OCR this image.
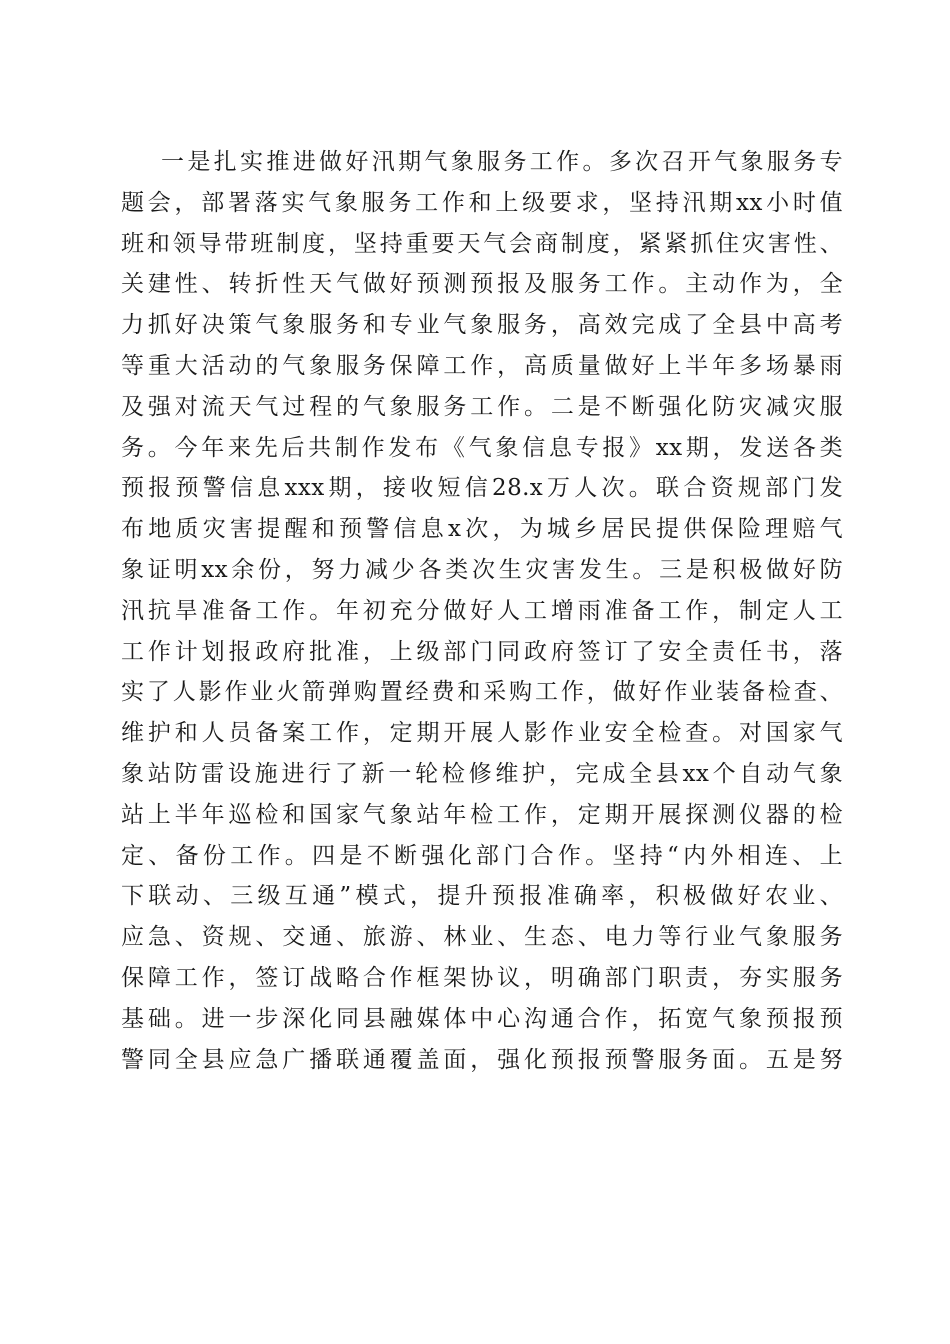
一是扎实推进做好汛期气象服务工作。多次召开气象服务专
题会，部署落实气象服务工作和上级要求，坚持汛期xx小时值
班和领导带班制度，坚持重要天气会商制度，紧紧抓住灾害性、
关建性、转折性天气做好预测预报及服务工作。主动作为，全
力抓好决策气象服务和专业气象服务，高效完成了全县中高考
等重大活动的气象服务保障工作，高质量做好上半年多场暴雨
及强对流天气过程的气象服务工作。二是不断强化防灾减灾服
务。今年来先后共制作发布《气象信息专报》xx期，发送各类
预报预警信息xxx期，接收短信28.x万人次。联合资规部门发
布地质灾害提醒和预警信息x次，为城乡居民提供保险理赔气
象证明xx余份，努力减少各类次生灾害发生。三是积极做好防
汛抗旱准备工作。年初充分做好人工增雨准备工作，制定人工
工作计划报政府批准，上级部门同政府签订了安全责任书，落
实了人影作业火箭弹购置经费和采购工作，做好作业装备检查、
维护和人员备案工作，定期开展人影作业安全检查。对国家气
象站防雷设施进行了新一轮检修维护，完成全县xx个自动气象
站上半年巡检和国家气象站年检工作，定期开展探测仪器的检
定、备份工作。四是不断强化部门合作。坚持“内外相连、上
下联动、三级互通”模式，提升预报准确率，积极做好农业、
应急、资规、交通、旅游、林业、生态、电力等行业气象服务
保障工作，签订战略合作框架协议，明确部门职责，夯实服务
基础。进一步深化同县融媒体中心沟通合作，拓宽气象预报预
警同全县应急广播联通覆盖面，强化预报预警服务面。五是努
